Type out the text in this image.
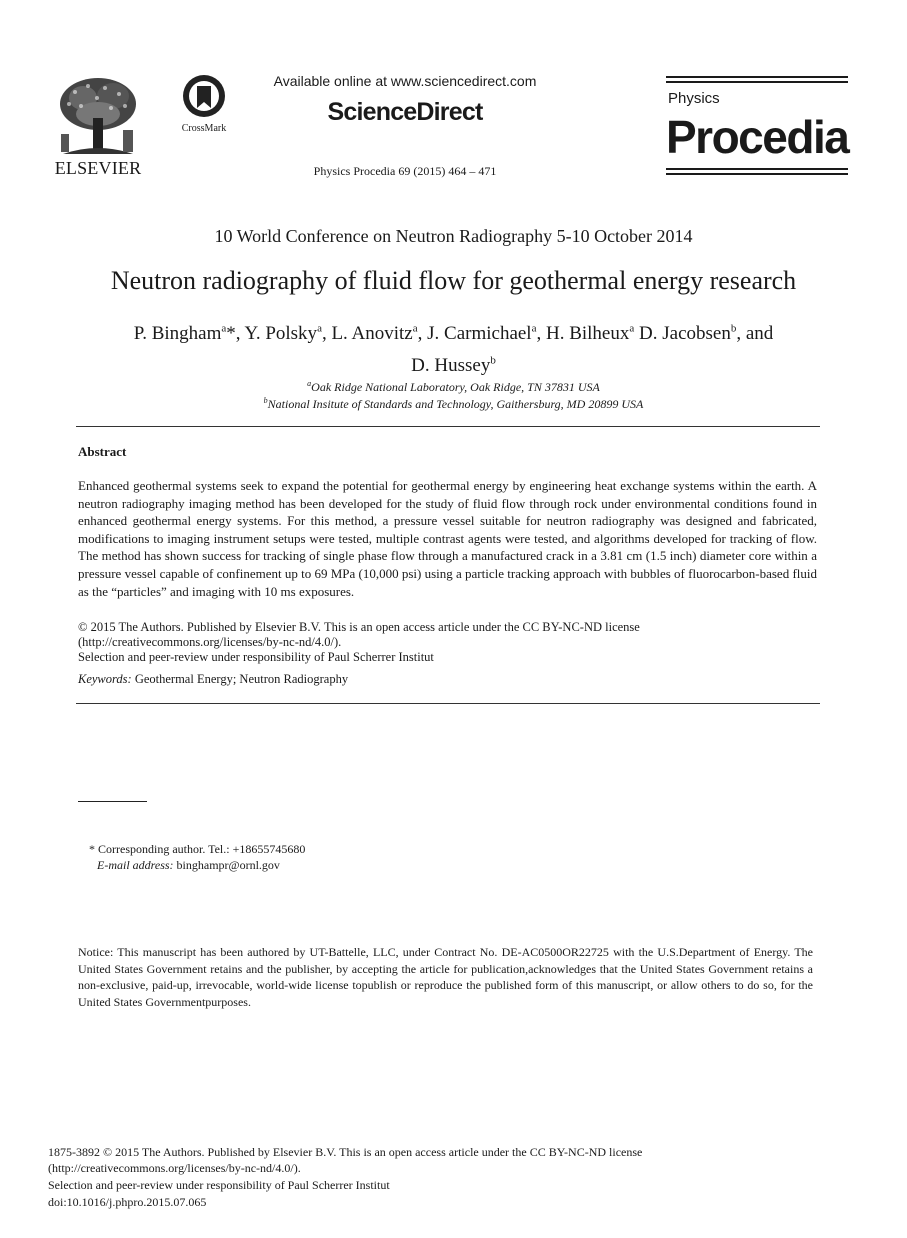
ELSEVIER
CrossMark
Available online at www.sciencedirect.com
ScienceDirect
Physics Procedia 69 (2015) 464 – 471
Physics
Procedia
10 World Conference on Neutron Radiography 5-10 October 2014
Neutron radiography of fluid flow for geothermal energy research
P. Bingham$^a$*, Y. Polsky$^a$, L. Anovitz$^a$, J. Carmichael$^a$, H. Bilheux$^a$ D. Jacobsen$^b$, and
D. Hussey$^b$
$^a$Oak Ridge National Laboratory, Oak Ridge, TN 37831 USA
$^b$National Insitute of Standards and Technology, Gaithersburg, MD 20899 USA
Abstract
Enhanced geothermal systems seek to expand the potential for geothermal energy by engineering heat exchange systems within the earth. A neutron radiography imaging method has been developed for the study of fluid flow through rock under environmental conditions found in enhanced geothermal energy systems. For this method, a pressure vessel suitable for neutron radiography was designed and fabricated, modifications to imaging instrument setups were tested, multiple contrast agents were tested, and algorithms developed for tracking of flow. The method has shown success for tracking of single phase flow through a manufactured crack in a 3.81 cm (1.5 inch) diameter core within a pressure vessel capable of confinement up to 69 MPa (10,000 psi) using a particle tracking approach with bubbles of fluorocarbon-based fluid as the “particles” and imaging with 10 ms exposures.
© 2015 The Authors. Published by Elsevier B.V. This is an open access article under the CC BY-NC-ND license
(http://creativecommons.org/licenses/by-nc-nd/4.0/).
Selection and peer-review under responsibility of Paul Scherrer Institut
Keywords: Geothermal Energy; Neutron Radiography
* Corresponding author. Tel.: +18655745680
E-mail address: binghampr@ornl.gov
Notice: This manuscript has been authored by UT-Battelle, LLC, under Contract No. DE-AC0500OR22725 with the U.S.Department of Energy. The United States Government retains and the publisher, by accepting the article for publication,acknowledges that the United States Government retains a non-exclusive, paid-up, irrevocable, world-wide license topublish or reproduce the published form of this manuscript, or allow others to do so, for the United States Governmentpurposes.
1875-3892 © 2015 The Authors. Published by Elsevier B.V. This is an open access article under the CC BY-NC-ND license
(http://creativecommons.org/licenses/by-nc-nd/4.0/).
Selection and peer-review under responsibility of Paul Scherrer Institut
doi:10.1016/j.phpro.2015.07.065
